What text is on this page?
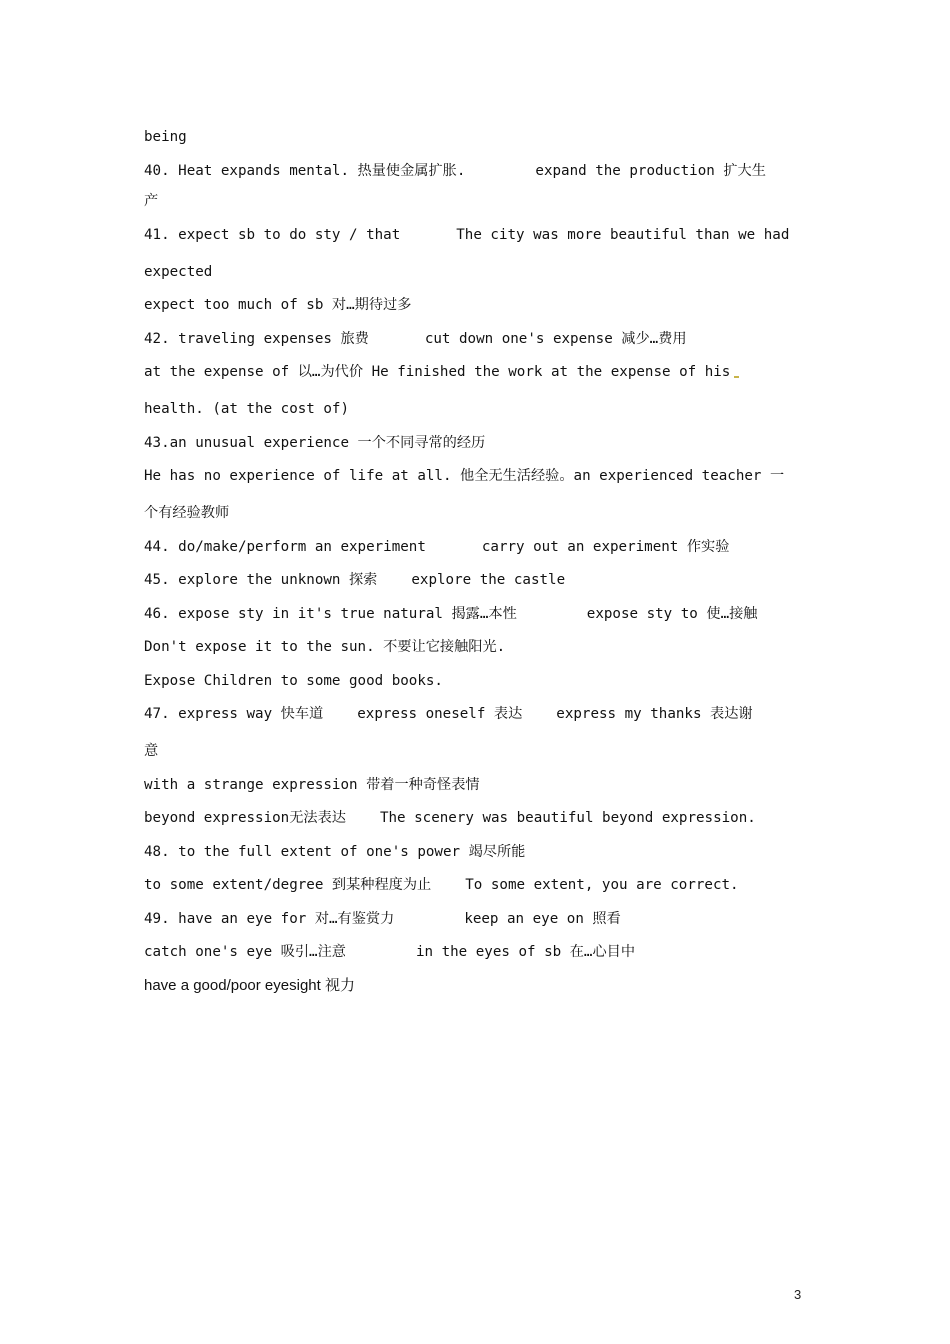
being
40. Heat expands mental. 热量使金属扩胀.	expand the production 扩大生
产
41. expect sb to do sty / that	The city was more beautiful than we had
expected
expect too much of sb 对…期待过多
42. traveling expenses 旅费	cut down one's expense 减少…费用
at the expense of 以…为代价 He finished the work at the expense of his
health. (at the cost of)
43.an unusual experience 一个不同寻常的经历
He has no experience of life at all. 他全无生活经验。an experienced teacher 一
个有经验教师
44. do/make/perform an experiment	carry out an experiment 作实验
45. explore the unknown 探索 explore the castle
46. expose sty in it's true natural 揭露…本性	expose sty to 使…接触
Don't expose it to the sun. 不要让它接触阳光.
Expose Children to some good books.
47. express way 快车道 express oneself 表达 express my thanks 表达谢
意
with a strange expression 带着一种奇怪表情
beyond expression无法表达 The scenery was beautiful beyond expression.
48. to the full extent of one's power 竭尽所能
to some extent/degree 到某种程度为止 To some extent, you are correct.
49. have an eye for 对…有鉴赏力	keep an eye on 照看
catch one's eye 吸引…注意	in the eyes of sb 在…心目中
have a good/poor eyesight 视力
3
